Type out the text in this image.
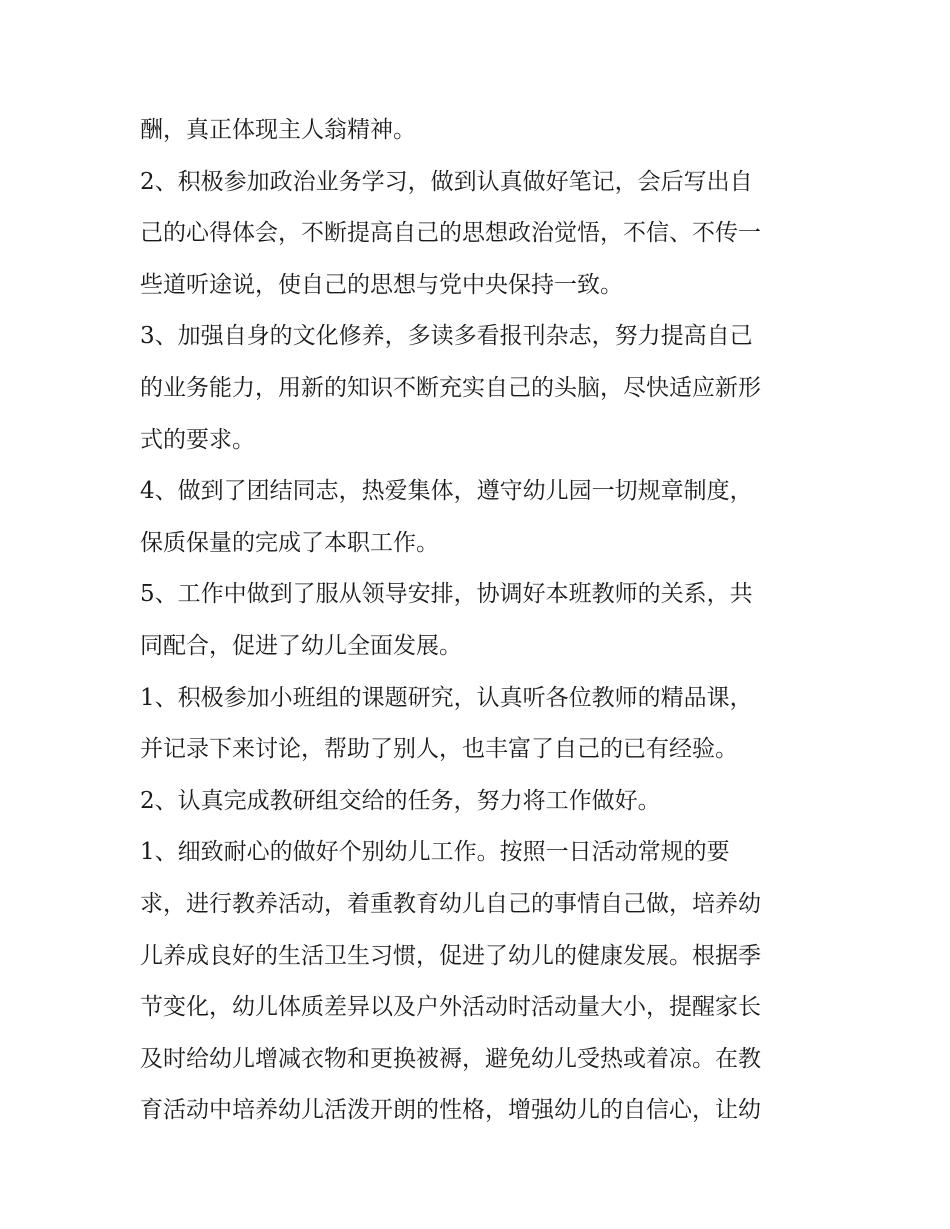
酬，真正体现主人翁精神。
2、积极参加政治业务学习，做到认真做好笔记，会后写出自
己的心得体会，不断提高自己的思想政治觉悟，不信、不传一
些道听途说，使自己的思想与党中央保持一致。
3、加强自身的文化修养，多读多看报刊杂志，努力提高自己
的业务能力，用新的知识不断充实自己的头脑，尽快适应新形
式的要求。
4、做到了团结同志，热爱集体，遵守幼儿园一切规章制度，
保质保量的完成了本职工作。
5、工作中做到了服从领导安排，协调好本班教师的关系，共
同配合，促进了幼儿全面发展。
1、积极参加小班组的课题研究，认真听各位教师的精品课，
并记录下来讨论，帮助了别人，也丰富了自己的已有经验。
2、认真完成教研组交给的任务，努力将工作做好。
1、细致耐心的做好个别幼儿工作。按照一日活动常规的要
求，进行教养活动，着重教育幼儿自己的事情自己做，培养幼
儿养成良好的生活卫生习惯，促进了幼儿的健康发展。根据季
节变化，幼儿体质差异以及户外活动时活动量大小，提醒家长
及时给幼儿增减衣物和更换被褥，避免幼儿受热或着凉。在教
育活动中培养幼儿活泼开朗的性格，增强幼儿的自信心，让幼
